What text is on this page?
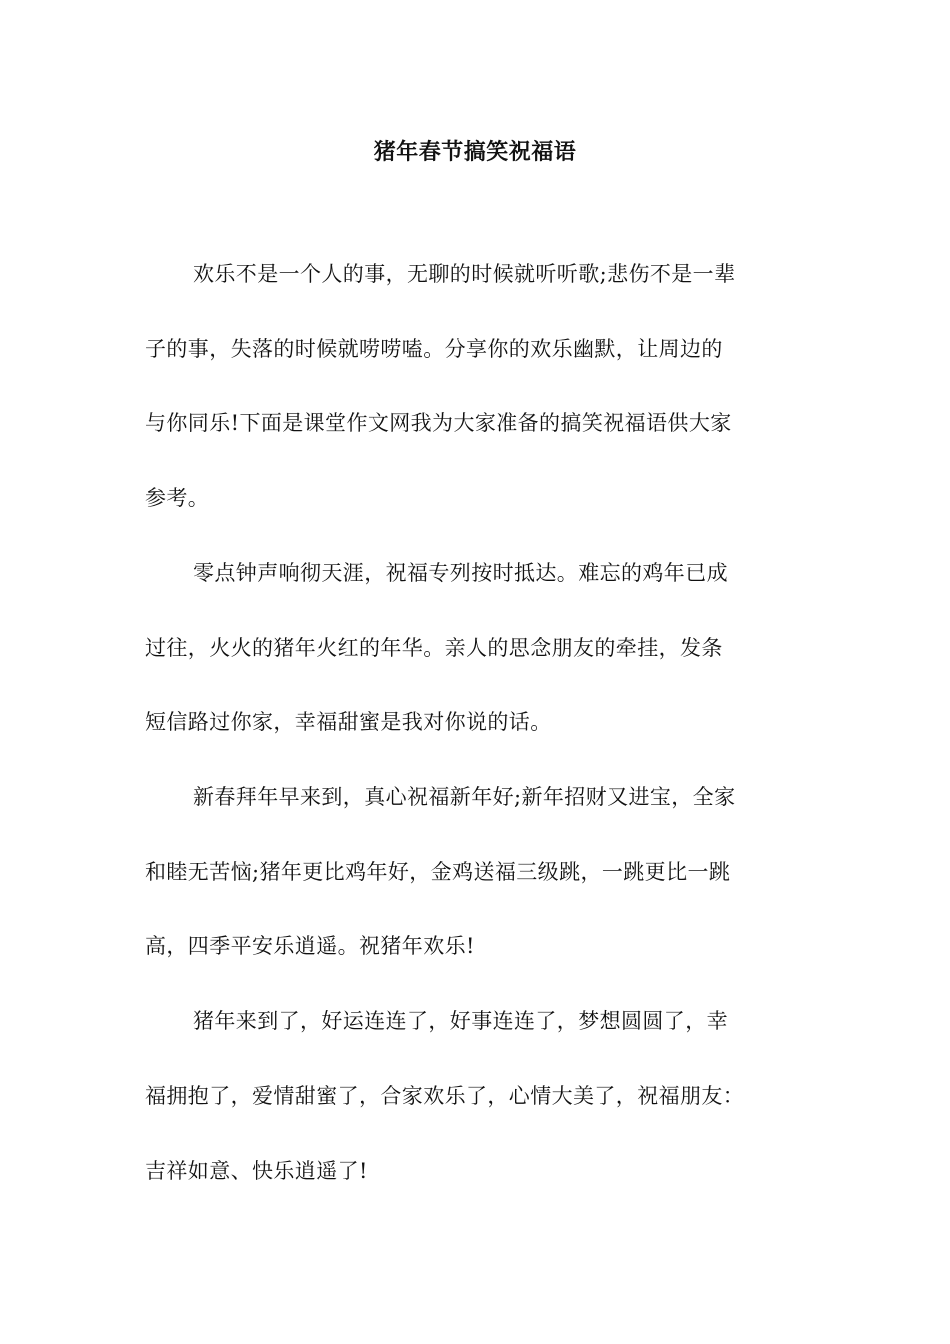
猪年春节搞笑祝福语
欢乐不是一个人的事，无聊的时候就听听歌;悲伤不是一辈
子的事，失落的时候就唠唠嗑。分享你的欢乐幽默，让周边的
与你同乐!下面是课堂作文网我为大家准备的搞笑祝福语供大家
参考。
零点钟声响彻天涯，祝福专列按时抵达。难忘的鸡年已成
过往，火火的猪年火红的年华。亲人的思念朋友的牵挂，发条
短信路过你家，幸福甜蜜是我对你说的话。
新春拜年早来到，真心祝福新年好;新年招财又进宝，全家
和睦无苦恼;猪年更比鸡年好，金鸡送福三级跳，一跳更比一跳
高，四季平安乐逍遥。祝猪年欢乐!
猪年来到了，好运连连了，好事连连了，梦想圆圆了，幸
福拥抱了，爱情甜蜜了，合家欢乐了，心情大美了，祝福朋友：
吉祥如意、快乐逍遥了!
